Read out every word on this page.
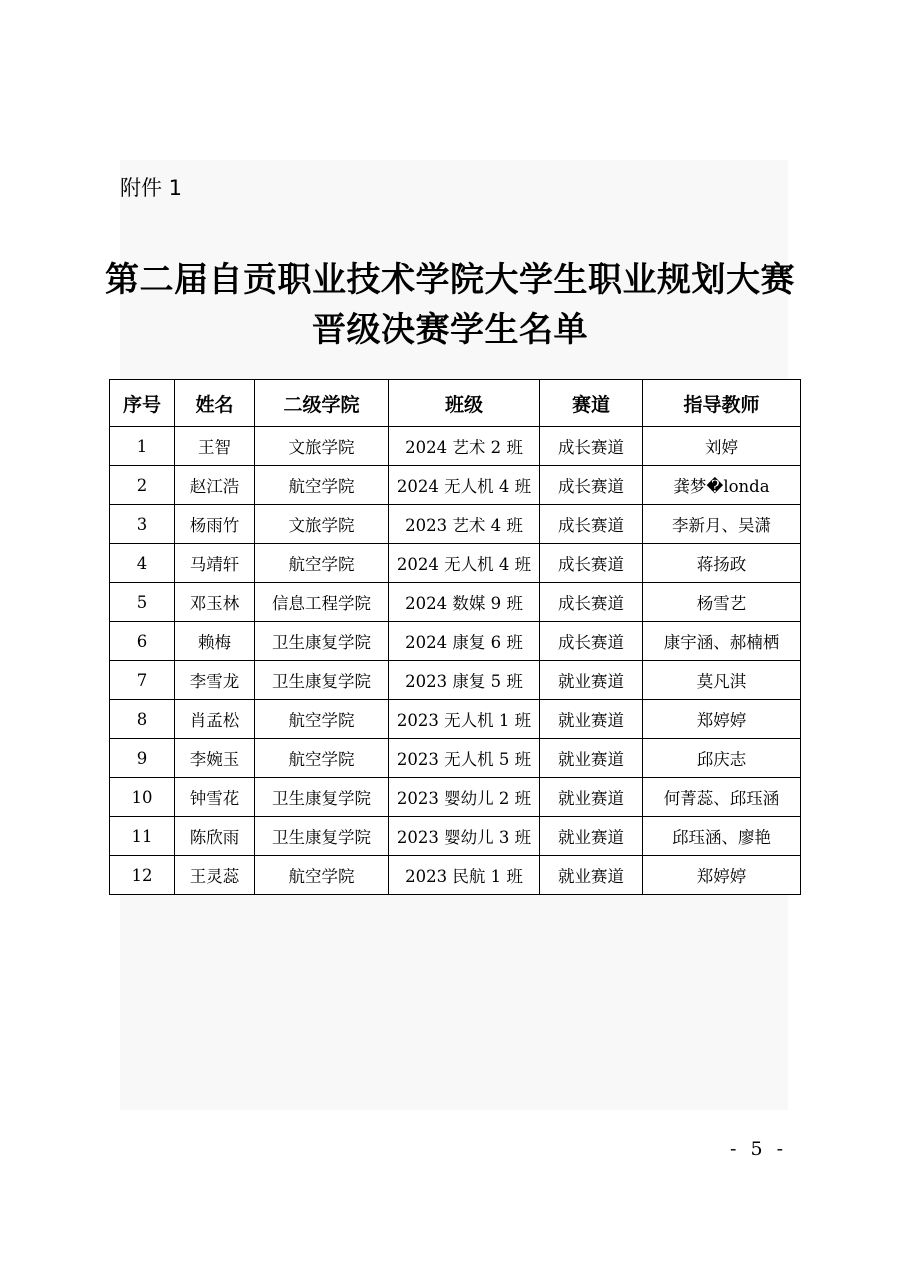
附件 1
第二届自贡职业技术学院大学生职业规划大赛
晋级决赛学生名单
序号	姓名	二级学院	班级	赛道	指导教师
1	王智	文旅学院	2024 艺术 2 班	成长赛道	刘婷
2	赵江浩	航空学院	2024 无人机 4 班	成长赛道	龚梦�londa
3	杨雨竹	文旅学院	2023 艺术 4 班	成长赛道	李新月、吴潇
4	马靖轩	航空学院	2024 无人机 4 班	成长赛道	蒋扬政
5	邓玉林	信息工程学院	2024 数媒 9 班	成长赛道	杨雪艺
6	赖梅	卫生康复学院	2024 康复 6 班	成长赛道	康宇涵、郝楠栖
7	李雪龙	卫生康复学院	2023 康复 5 班	就业赛道	莫凡淇
8	肖孟松	航空学院	2023 无人机 1 班	就业赛道	郑婷婷
9	李婉玉	航空学院	2023 无人机 5 班	就业赛道	邱庆志
10	钟雪花	卫生康复学院	2023 婴幼儿 2 班	就业赛道	何菁蕊、邱珏涵
11	陈欣雨	卫生康复学院	2023 婴幼儿 3 班	就业赛道	邱珏涵、廖艳
12	王灵蕊	航空学院	2023 民航 1 班	就业赛道	郑婷婷
- 5 -
